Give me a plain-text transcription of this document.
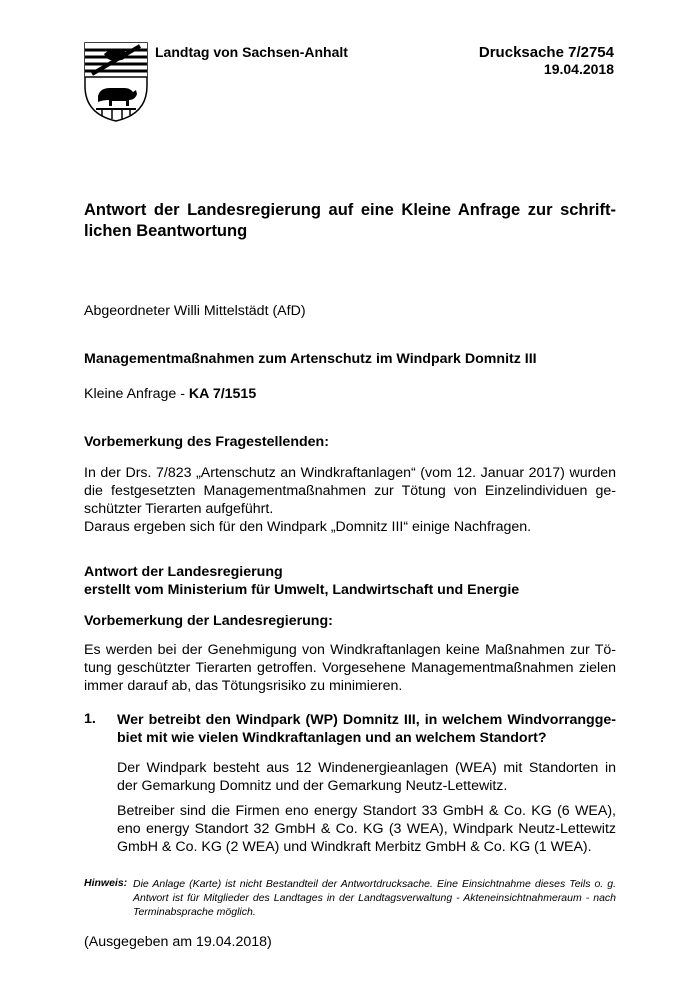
Landtag von Sachsen-Anhalt	Drucksache 7/2754
19.04.2018
Antwort der Landesregierung auf eine Kleine Anfrage zur schrift-lichen Beantwortung
Abgeordneter Willi Mittelstädt (AfD)
Managementmaßnahmen zum Artenschutz im Windpark Domnitz III
Kleine Anfrage - KA 7/1515
Vorbemerkung des Fragestellenden:
In der Drs. 7/823 „Artenschutz an Windkraftanlagen“ (vom 12. Januar 2017) wurden die festgesetzten Managementmaßnahmen zur Tötung von Einzelindividuen ge-schützter Tierarten aufgeführt.
Daraus ergeben sich für den Windpark „Domnitz III“ einige Nachfragen.
Antwort der Landesregierung
erstellt vom Ministerium für Umwelt, Landwirtschaft und Energie
Vorbemerkung der Landesregierung:
Es werden bei der Genehmigung von Windkraftanlagen keine Maßnahmen zur Tö-tung geschützter Tierarten getroffen. Vorgesehene Managementmaßnahmen zielen immer darauf ab, das Tötungsrisiko zu minimieren.
1. Wer betreibt den Windpark (WP) Domnitz III, in welchem Windvorrangge-biet mit wie vielen Windkraftanlagen und an welchem Standort?
Der Windpark besteht aus 12 Windenergieanlagen (WEA) mit Standorten in der Gemarkung Domnitz und der Gemarkung Neutz-Lettewitz.
Betreiber sind die Firmen eno energy Standort 33 GmbH & Co. KG (6 WEA), eno energy Standort 32 GmbH & Co. KG (3 WEA), Windpark Neutz-Lettewitz GmbH & Co. KG (2 WEA) und Windkraft Merbitz GmbH & Co. KG (1 WEA).
Hinweis: Die Anlage (Karte) ist nicht Bestandteil der Antwortdrucksache. Eine Einsichtnahme dieses Teils o. g. Antwort ist für Mitglieder des Landtages in der Landtagsverwaltung - Akteneinsichtnahmeraum - nach Terminabsprache möglich.
(Ausgegeben am 19.04.2018)
